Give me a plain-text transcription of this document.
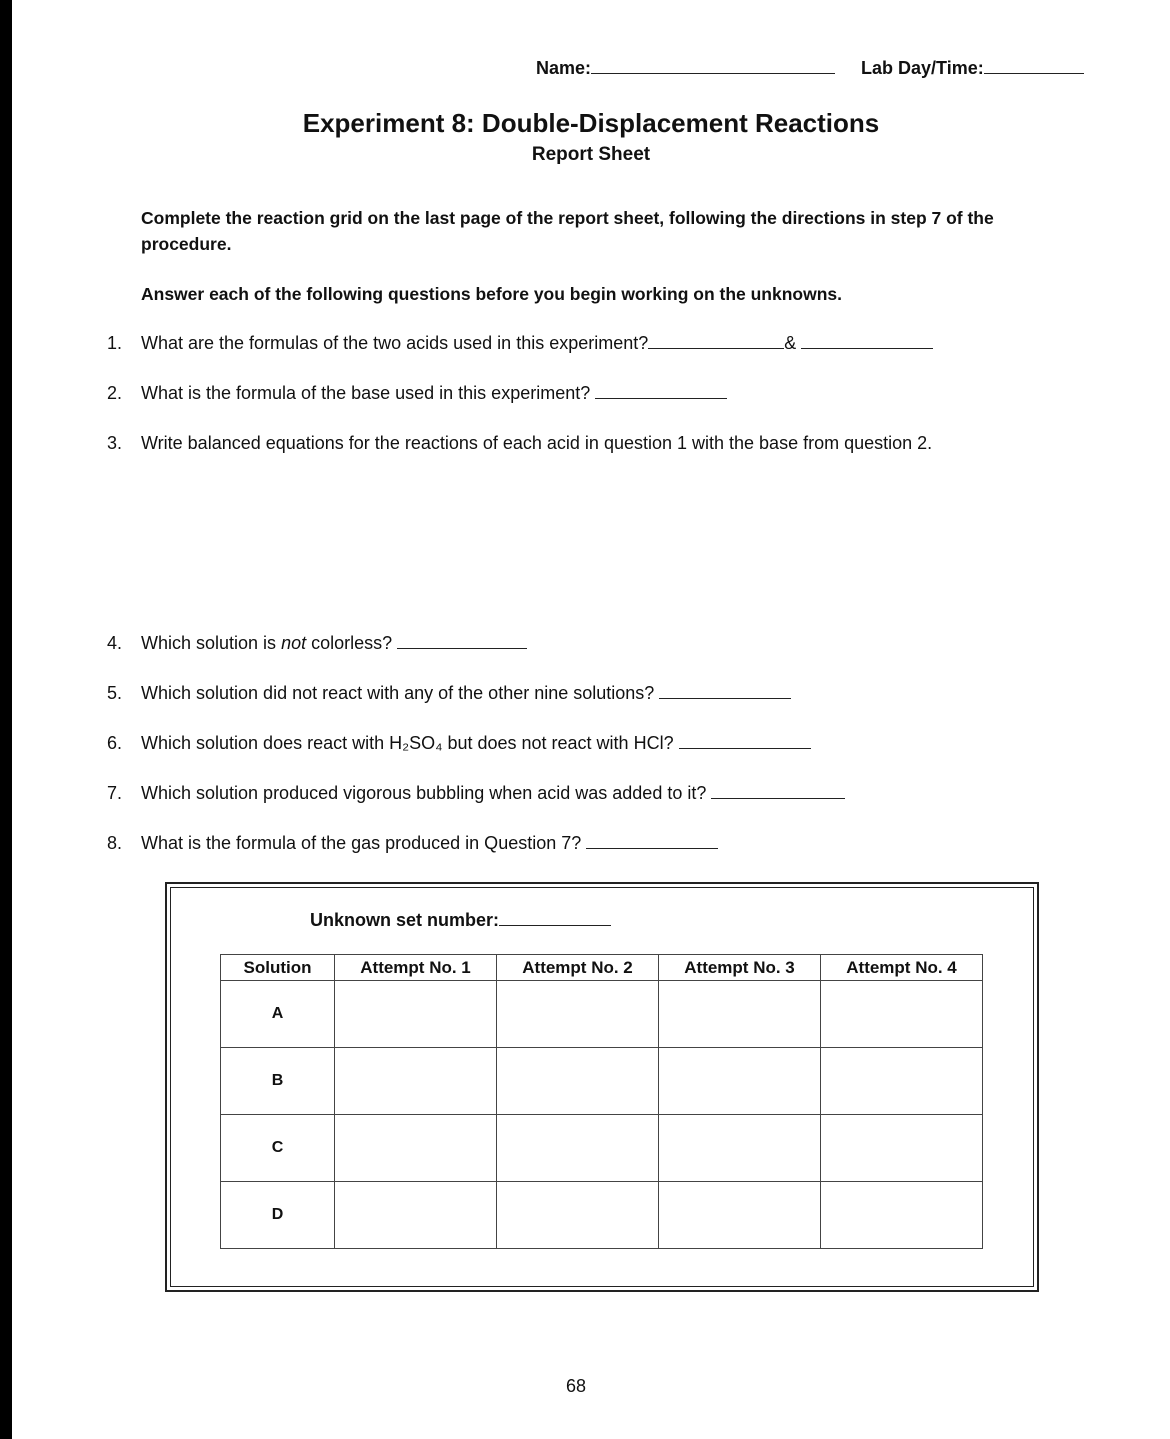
Name:	Lab Day/Time:
Experiment 8: Double-Displacement Reactions
Report Sheet
Complete the reaction grid on the last page of the report sheet, following the directions in step 7 of the procedure.
Answer each of the following questions before you begin working on the unknowns.
1.	What are the formulas of the two acids used in this experiment?	&
2.	What is the formula of the base used in this experiment?
3.	Write balanced equations for the reactions of each acid in question 1 with the base from question 2.
4.	Which solution is not colorless?
5.	Which solution did not react with any of the other nine solutions?
6.	Which solution does react with H₂SO₄ but does not react with HCl?
7.	Which solution produced vigorous bubbling when acid was added to it?
8.	What is the formula of the gas produced in Question 7?
Unknown set number:
Solution	Attempt No. 1	Attempt No. 2	Attempt No. 3	Attempt No. 4
A				
B				
C				
D				
68
